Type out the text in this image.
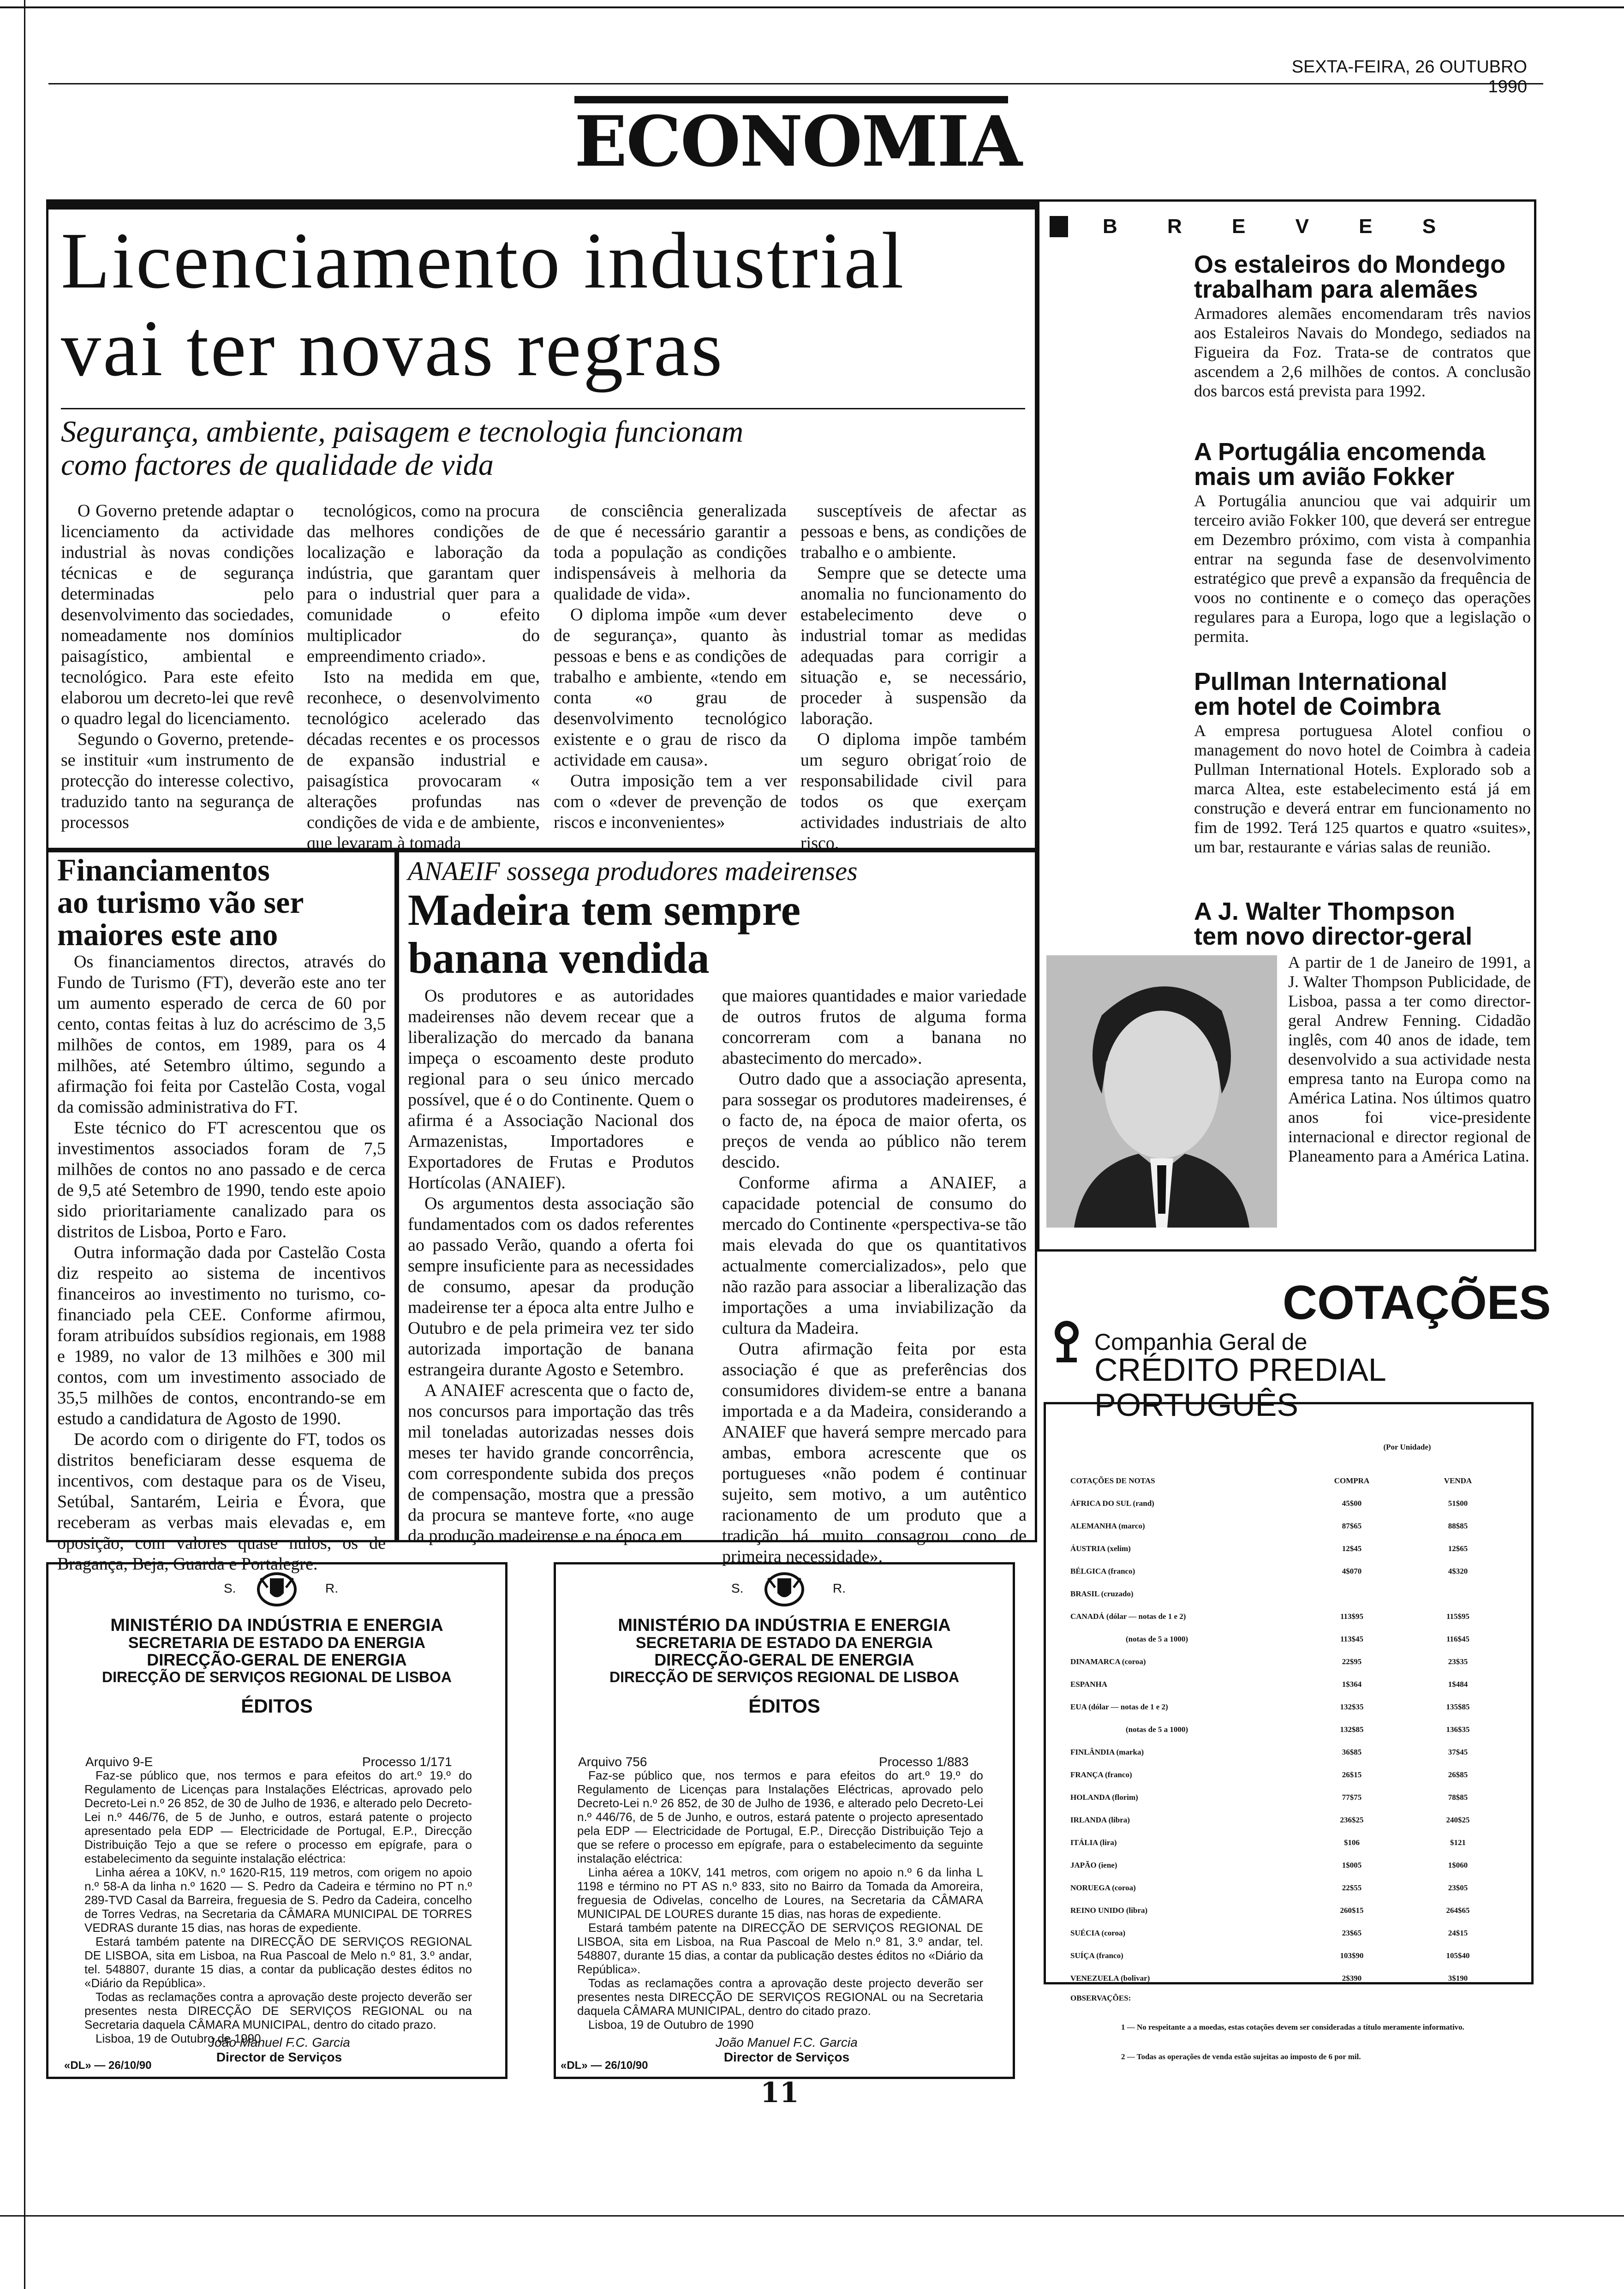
SEXTA-FEIRA, 26 OUTUBRO 1990
ECONOMIA
Licenciamento industrial
vai ter novas regras
Segurança, ambiente, paisagem e tecnologia funcionam
como factores de qualidade de vida

O Governo pretende adaptar o licenciamento da actividade industrial às novas condições técnicas e de segurança determinadas pelo desenvolvimento das sociedades, nomeadamente nos domínios paisagístico, ambiental e tecnológico. Para este efeito elaborou um decreto-lei que revê o quadro legal do licenciamento.

Segundo o Governo, pretende-se instituir «um instrumento de protecção do interesse colectivo, traduzido tanto na segurança de processos

tecnológicos, como na procura das melhores condições de localização e laboração da indústria, que garantam quer para o industrial quer para a comunidade o efeito multiplicador do empreendimento criado».

Isto na medida em que, reconhece, o desenvolvimento tecnológico acelerado das décadas recentes e os processos de expansão industrial e paisagística provocaram « alterações profundas nas condições de vida e de ambiente, que levaram à tomada

de consciência generalizada de que é necessário garantir a toda a população as condições indispensáveis à melhoria da qualidade de vida».

O diploma impõe «um dever de segurança», quanto às pessoas e bens e as condições de trabalho e ambiente, «tendo em conta «o grau de desenvolvimento tecnológico existente e o grau de risco da actividade em causa».

Outra imposição tem a ver com o «dever de prevenção de riscos e inconvenientes»

susceptíveis de afectar as pessoas e bens, as condições de trabalho e o ambiente.

Sempre que se detecte uma anomalia no funcionamento do estabelecimento deve o industrial tomar as medidas adequadas para corrigir a situação e, se necessário, proceder à suspensão da laboração.

O diploma impõe também um seguro obrigat´roio de responsabilidade civil para todos os que exerçam actividades industriais de alto risco.

Financiamentos
ao turismo vão ser
maiores este ano

Os financiamentos directos, através do Fundo de Turismo (FT), deverão este ano ter um aumento esperado de cerca de 60 por cento, contas feitas à luz do acréscimo de 3,5 milhões de contos, em 1989, para os 4 milhões, até Setembro último, segundo a afirmação foi feita por Castelão Costa, vogal da comissão administrativa do FT.

Este técnico do FT acrescentou que os investimentos associados foram de 7,5 milhões de contos no ano passado e de cerca de 9,5 até Setembro de 1990, tendo este apoio sido prioritariamente canalizado para os distritos de Lisboa, Porto e Faro.

Outra informação dada por Castelão Costa diz respeito ao sistema de incentivos financeiros ao investimento no turismo, co-financiado pela CEE. Conforme afirmou, foram atribuídos subsídios regionais, em 1988 e 1989, no valor de 13 milhões e 300 mil contos, com um investimento associado de 35,5 milhões de contos, encontrando-se em estudo a candidatura de Agosto de 1990.

De acordo com o dirigente do FT, todos os distritos beneficiaram desse esquema de incentivos, com destaque para os de Viseu, Setúbal, Santarém, Leiria e Évora, que receberam as verbas mais elevadas e, em oposição, com valores quase nulos, os de Bragança, Beja, Guarda e Portalegre.

ANAEIF sossega produdores madeirenses
Madeira tem sempre
banana vendida

Os produtores e as autoridades madeirenses não devem recear que a liberalização do mercado da banana impeça o escoamento deste produto regional para o seu único mercado possível, que é o do Continente. Quem o afirma é a Associação Nacional dos Armazenistas, Importadores e Exportadores de Frutas e Produtos Hortícolas (ANAIEF).

Os argumentos desta associação são fundamentados com os dados referentes ao passado Verão, quando a oferta foi sempre insuficiente para as necessidades de consumo, apesar da produção madeirense ter a época alta entre Julho e Outubro e de pela primeira vez ter sido autorizada importação de banana estrangeira durante Agosto e Setembro.

A ANAIEF acrescenta que o facto de, nos concursos para importação das três mil toneladas autorizadas nesses dois meses ter havido grande concorrência, com correspondente subida dos preços de compensação, mostra que a pressão da procura se manteve forte, «no auge da produção madeirense e na época em

que maiores quantidades e maior variedade de outros frutos de alguma forma concorreram com a banana no abastecimento do mercado».

Outro dado que a associação apresenta, para sossegar os produtores madeirenses, é o facto de, na época de maior oferta, os preços de venda ao público não terem descido.

Conforme afirma a ANAIEF, a capacidade potencial de consumo do mercado do Continente «perspectiva-se tão mais elevada do que os quantitativos actualmente comercializados», pelo que não razão para associar a liberalização das importações a uma inviabilização da cultura da Madeira.

Outra afirmação feita por esta associação é que as preferências dos consumidores dividem-se entre a banana importada e a da Madeira, considerando a ANAIEF que haverá sempre mercado para ambas, embora acrescente que os portugueses «não podem é continuar sujeito, sem motivo, a um autêntico racionamento de um produto que a tradição há muito consagrou cono de primeira necessidade».

B R E V E S
Os estaleiros do Mondego
trabalham para alemães
Armadores alemães encomendaram três navios aos Estaleiros Navais do Mondego, sediados na Figueira da Foz. Trata-se de contratos que ascendem a 2,6 milhões de contos. A conclusão dos barcos está prevista para 1992.
A Portugália encomenda
mais um avião Fokker
A Portugália anunciou que vai adquirir um terceiro avião Fokker 100, que deverá ser entregue em Dezembro próximo, com vista à companhia entrar na segunda fase de desenvolvimento estratégico que prevê a expansão da frequência de voos no continente e o começo das operações regulares para a Europa, logo que a legislação o permita.
Pullman International
em hotel de Coimbra
A empresa portuguesa Alotel confiou o management do novo hotel de Coimbra à cadeia Pullman International Hotels. Explorado sob a marca Altea, este estabelecimento está já em construção e deverá entrar em funcionamento no fim de 1992. Terá 125 quartos e quatro «suites», um bar, restaurante e várias salas de reunião.
A J. Walter Thompson
tem novo director-geral
A partir de 1 de Janeiro de 1991, a J. Walter Thompson Publicidade, de Lisboa, passa a ter como director-geral Andrew Fenning. Cidadão inglês, com 40 anos de idade, tem desenvolvido a sua actividade nesta empresa tanto na Europa como na América Latina. Nos últimos quatro anos foi vice-presidente internacional e director regional de Planeamento para a América Latina.
COTAÇÕES
Companhia Geral de
CRÉDITO PREDIAL PORTUGUÊS
(Por Unidade)
COTAÇÕES DE NOTAS	COMPRA	VENDA
ÁFRICA DO SUL (rand)	45$00	51$00
ALEMANHA (marco)	87$65	88$85
ÁUSTRIA (xelim)	12$45	12$65
BÉLGICA (franco)	4$070	4$320
BRASIL (cruzado)		
CANADÁ (dólar — notas de 1 e 2)	113$95	115$95
(notas de 5 a 1000)	113$45	116$45
DINAMARCA (coroa)	22$95	23$35
ESPANHA	1$364	1$484
EUA (dólar — notas de 1 e 2)	132$35	135$85
(notas de 5 a 1000)	132$85	136$35
FINLÂNDIA (marka)	36$85	37$45
FRANÇA (franco)	26$15	26$85
HOLANDA (florim)	77$75	78$85
IRLANDA (libra)	236$25	240$25
ITÁLIA (lira)	$106	$121
JAPÃO (iene)	1$005	1$060
NORUEGA (coroa)	22$55	23$05
REINO UNIDO (libra)	260$15	264$65
SUÉCIA (coroa)	23$65	24$15
SUÍÇA (franco)	103$90	105$40
VENEZUELA (bolivar)	2$390	3$190
OBSERVAÇÕES:
1 — No respeitante a a moedas, estas cotações devem ser consideradas a título meramente informativo.
2 — Todas as operações de venda estão sujeitas ao imposto de 6 por mil.
S.	R.
MINISTÉRIO DA INDÚSTRIA E ENERGIA
SECRETARIA DE ESTADO DA ENERGIA
DIRECÇÃO-GERAL DE ENERGIA
DIRECÇÃO DE SERVIÇOS REGIONAL DE LISBOA
ÉDITOS
Arquivo 9-E	Processo 1/171

Faz-se público que, nos termos e para efeitos do art.º 19.º do Regulamento de Licenças para Instalações Eléctricas, aprovado pelo Decreto-Lei n.º 26 852, de 30 de Julho de 1936, e alterado pelo Decreto-Lei n.º 446/76, de 5 de Junho, e outros, estará patente o projecto apresentado pela EDP — Electricidade de Portugal, E.P., Direcção Distribuição Tejo a que se refere o processo em epígrafe, para o estabelecimento da seguinte instalação eléctrica:

Linha aérea a 10KV, n.º 1620-R15, 119 metros, com origem no apoio n.º 58-A da linha n.º 1620 — S. Pedro da Cadeira e término no PT n.º 289-TVD Casal da Barreira, freguesia de S. Pedro da Cadeira, concelho de Torres Vedras, na Secretaria da CÂMARA MUNICIPAL DE TORRES VEDRAS durante 15 dias, nas horas de expediente.

Estará também patente na DIRECÇÃO DE SERVIÇOS REGIONAL DE LISBOA, sita em Lisboa, na Rua Pascoal de Melo n.º 81, 3.º andar, tel. 548807, durante 15 dias, a contar da publicação destes éditos no «Diário da República».

Todas as reclamações contra a aprovação deste projecto deverão ser presentes nesta DIRECÇÃO DE SERVIÇOS REGIONAL ou na Secretaria daquela CÂMARA MUNICIPAL, dentro do citado prazo.

Lisboa, 19 de Outubro de 1990

João Manuel F.C. Garcia
Director de Serviços
«DL» — 26/10/90
S.	R.
MINISTÉRIO DA INDÚSTRIA E ENERGIA
SECRETARIA DE ESTADO DA ENERGIA
DIRECÇÃO-GERAL DE ENERGIA
DIRECÇÃO DE SERVIÇOS REGIONAL DE LISBOA
ÉDITOS
Arquivo 756	Processo 1/883

Faz-se público que, nos termos e para efeitos do art.º 19.º do Regulamento de Licenças para Instalações Eléctricas, aprovado pelo Decreto-Lei n.º 26 852, de 30 de Julho de 1936, e alterado pelo Decreto-Lei n.º 446/76, de 5 de Junho, e outros, estará patente o projecto apresentado pela EDP — Electricidade de Portugal, E.P., Direcção Distribuição Tejo a que se refere o processo em epígrafe, para o estabelecimento da seguinte instalação eléctrica:

Linha aérea a 10KV, 141 metros, com origem no apoio n.º 6 da linha L 1198 e término no PT AS n.º 833, sito no Bairro da Tomada da Amoreira, freguesia de Odivelas, concelho de Loures, na Secretaria da CÂMARA MUNICIPAL DE LOURES durante 15 dias, nas horas de expediente.

Estará também patente na DIRECÇÃO DE SERVIÇOS REGIONAL DE LISBOA, sita em Lisboa, na Rua Pascoal de Melo n.º 81, 3.º andar, tel. 548807, durante 15 dias, a contar da publicação destes éditos no «Diário da República».

Todas as reclamações contra a aprovação deste projecto deverão ser presentes nesta DIRECÇÃO DE SERVIÇOS REGIONAL ou na Secretaria daquela CÂMARA MUNICIPAL, dentro do citado prazo.

Lisboa, 19 de Outubro de 1990

João Manuel F.C. Garcia
Director de Serviços
«DL» — 26/10/90
11
